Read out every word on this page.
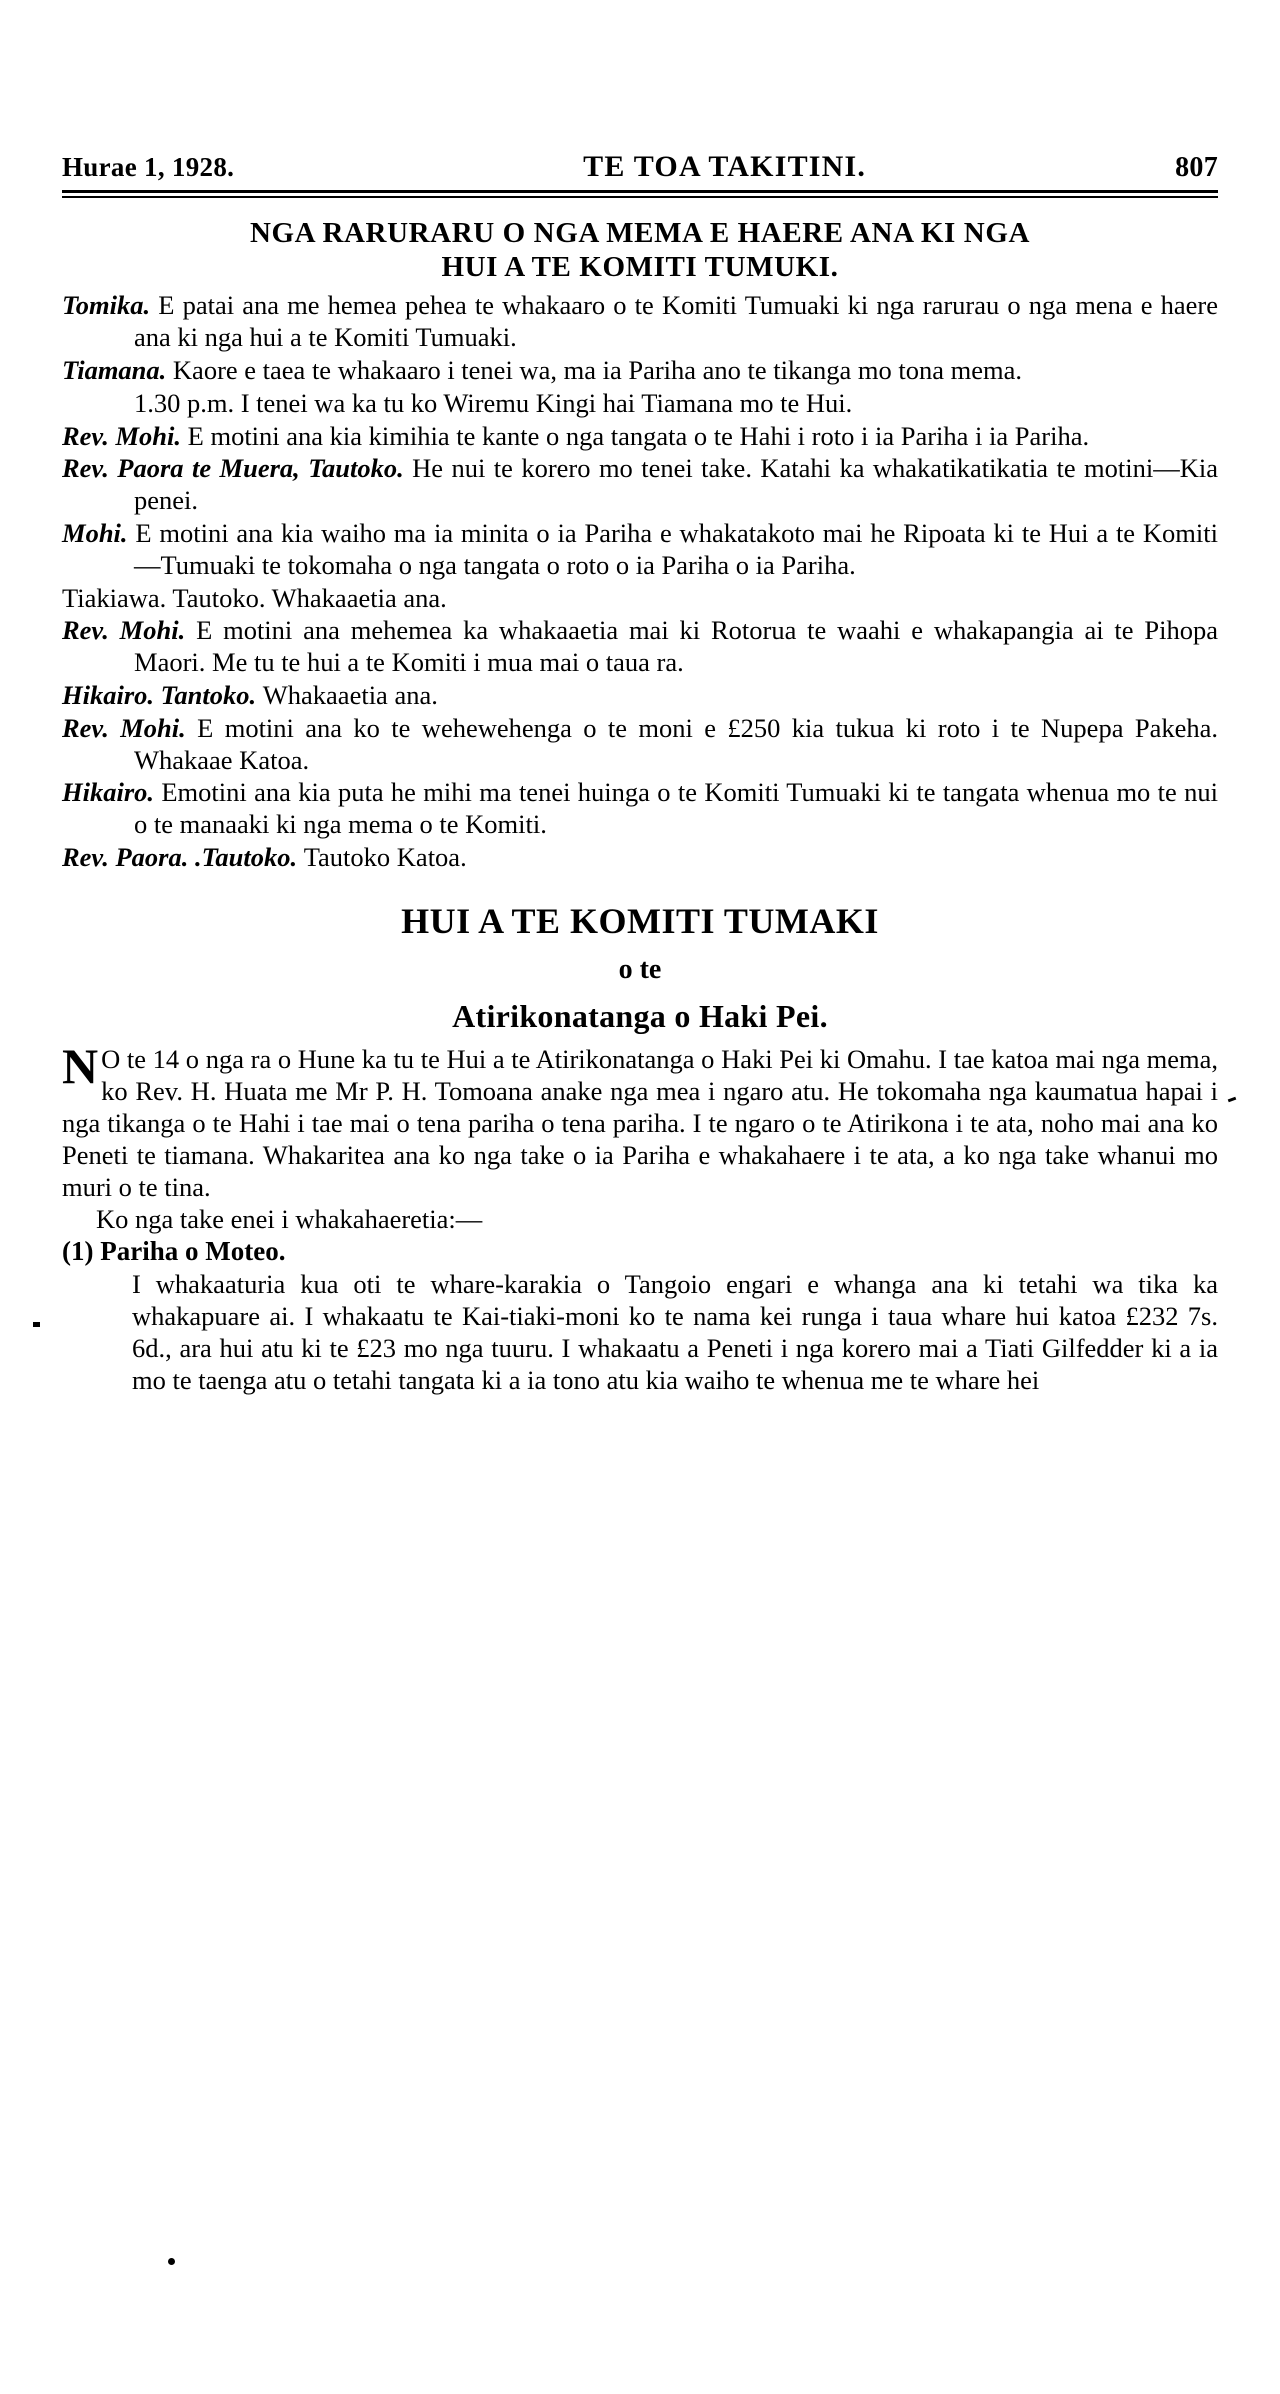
Hurae 1, 1928.	TE TOA TAKITINI.	807
NGA RARURARU O NGA MEMA E HAERE ANA KI NGA
HUI A TE KOMITI TUMUKI.

Tomika. E patai ana me hemea pehea te whakaaro o te Komiti Tumuaki ki nga rarurau o nga mena e haere ana ki nga hui a te Komiti Tumuaki.

Tiamana. Kaore e taea te whakaaro i tenei wa, ma ia Pariha ano te tikanga mo tona mema.

1.30 p.m. I tenei wa ka tu ko Wiremu Kingi hai Tiamana mo te Hui.

Rev. Mohi. E motini ana kia kimihia te kante o nga tangata o te Hahi i roto i ia Pariha i ia Pariha.

Rev. Paora te Muera, Tautoko. He nui te korero mo tenei take. Katahi ka whakatikatikatia te motini—Kia penei.

Mohi. E motini ana kia waiho ma ia minita o ia Pariha e whakatakoto mai he Ripoata ki te Hui a te Komiti—Tumuaki te tokomaha o nga tangata o roto o ia Pariha o ia Pariha.

Tiakiawa. Tautoko. Whakaaetia ana.

Rev. Mohi. E motini ana mehemea ka whakaaetia mai ki Rotorua te waahi e whakapangia ai te Pihopa Maori. Me tu te hui a te Komiti i mua mai o taua ra.

Hikairo. Tantoko. Whakaaetia ana.

Rev. Mohi. E motini ana ko te wehewehenga o te moni e £250 kia tukua ki roto i te Nupepa Pakeha. Whakaae Katoa.

Hikairo. Emotini ana kia puta he mihi ma tenei huinga o te Komiti Tumuaki ki te tangata whenua mo te nui o te manaaki ki nga mema o te Komiti.

Rev. Paora. .Tautoko. Tautoko Katoa.

HUI A TE KOMITI TUMAKI
o te
Atirikonatanga o Haki Pei.

N O te 14 o nga ra o Hune ka tu te Hui a te Atirikonatanga o Haki Pei ki Omahu. I tae katoa mai nga mema, ko Rev. H. Huata me Mr P. H. Tomoana anake nga mea i ngaro atu. He tokomaha nga kaumatua hapai i nga tikanga o te Hahi i tae mai o tena pariha o tena pariha. I te ngaro o te Atirikona i te ata, noho mai ana ko Peneti te tiamana. Whakaritea ana ko nga take o ia Pariha e whakahaere i te ata, a ko nga take whanui mo muri o te tina.

Ko nga take enei i whakahaeretia:—

(1) Pariha o Moteo.

I whakaaturia kua oti te whare-karakia o Tangoio engari e whanga ana ki tetahi wa tika ka whakapuare ai. I whakaatu te Kai-tiaki-moni ko te nama kei runga i taua whare hui katoa £232 7s. 6d., ara hui atu ki te £23 mo nga tuuru. I whakaatu a Peneti i nga korero mai a Tiati Gilfedder ki a ia mo te taenga atu o tetahi tangata ki a ia tono atu kia waiho te whenua me te whare hei
